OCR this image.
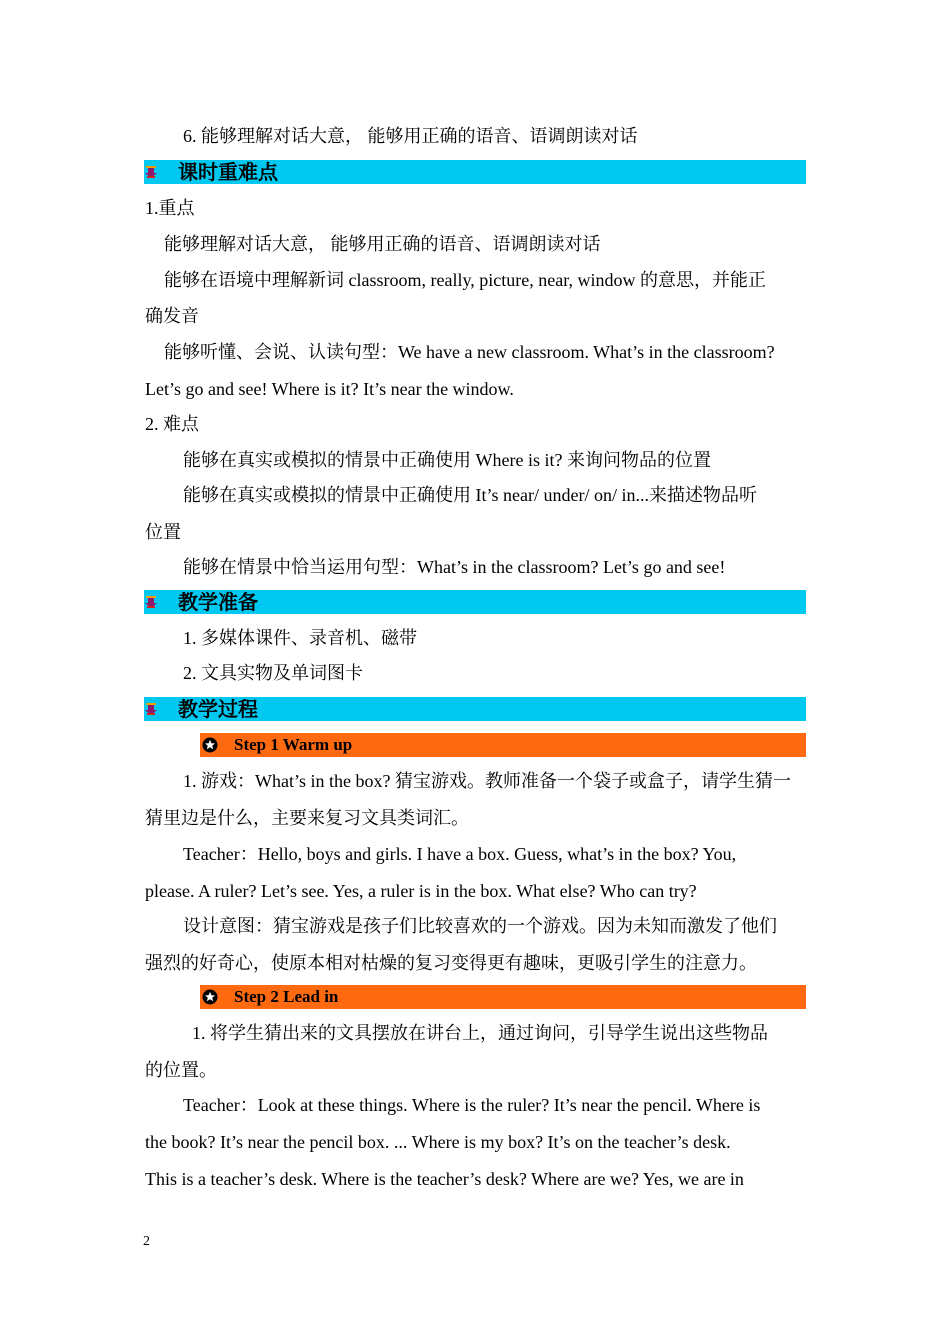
6. 能够理解对话大意， 能够用正确的语音、语调朗读对话
课时重难点
1.重点
能够理解对话大意， 能够用正确的语音、语调朗读对话
能够在语境中理解新词 classroom, really, picture, near, window 的意思，并能正
确发音
能够听懂、会说、认读句型：We have a new classroom. What’s in the classroom?
Let’s go and see! Where is it? It’s near the window.
2. 难点
能够在真实或模拟的情景中正确使用 Where is it? 来询问物品的位置
能够在真实或模拟的情景中正确使用 It’s near/ under/ on/ in...来描述物品听
位置
能够在情景中恰当运用句型：What’s in the classroom? Let’s go and see!
教学准备
1. 多媒体课件、录音机、磁带
2. 文具实物及单词图卡
教学过程
Step 1 Warm up
1. 游戏：What’s in the box? 猜宝游戏。教师准备一个袋子或盒子，请学生猜一
猜里边是什么，主要来复习文具类词汇。
Teacher：Hello, boys and girls. I have a box. Guess, what’s in the box? You,
please. A ruler? Let’s see. Yes, a ruler is in the box. What else? Who can try?
设计意图：猜宝游戏是孩子们比较喜欢的一个游戏。因为未知而激发了他们
强烈的好奇心，使原本相对枯燥的复习变得更有趣味，更吸引学生的注意力。
Step 2 Lead in
1. 将学生猜出来的文具摆放在讲台上，通过询问，引导学生说出这些物品
的位置。
Teacher：Look at these things. Where is the ruler? It’s near the pencil. Where is
the book? It’s near the pencil box. ... Where is my box? It’s on the teacher’s desk.
This is a teacher’s desk. Where is the teacher’s desk? Where are we? Yes, we are in
2
